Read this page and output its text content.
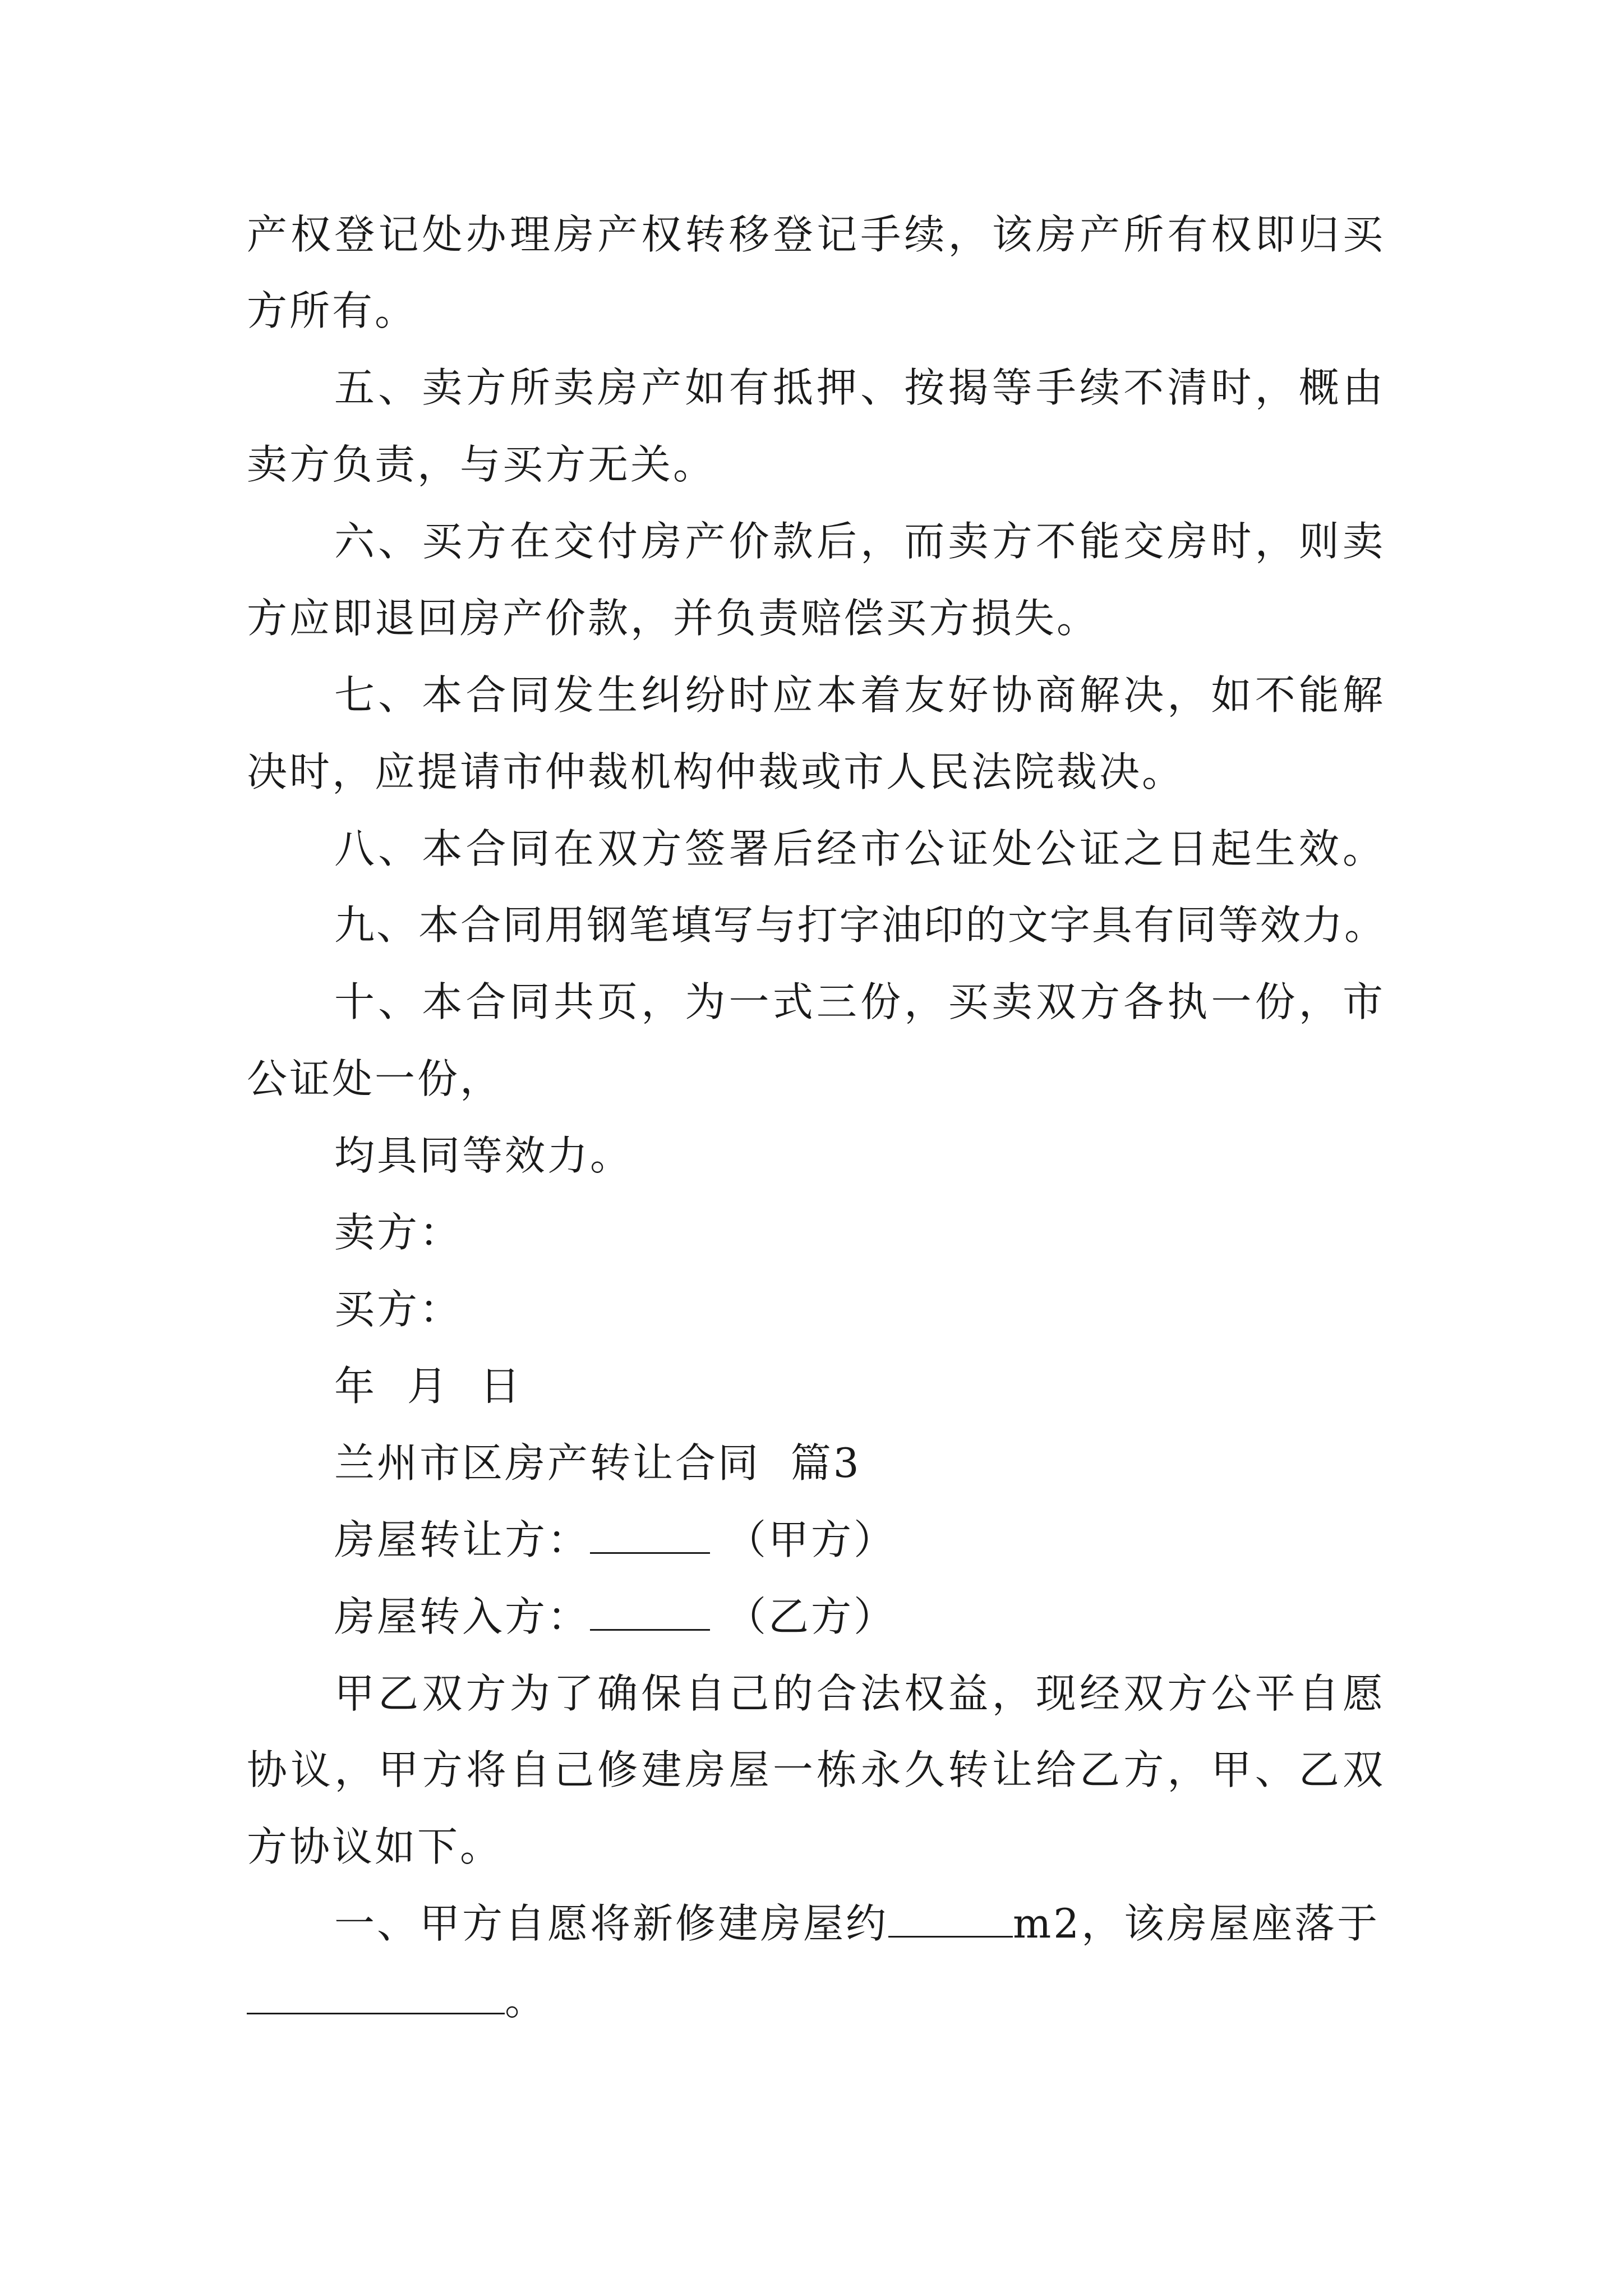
产权登记处办理房产权转移登记手续，该房产所有权即归买
方所有。
五、卖方所卖房产如有抵押、按揭等手续不清时，概由
卖方负责，与买方无关。
六、买方在交付房产价款后，而卖方不能交房时，则卖
方应即退回房产价款，并负责赔偿买方损失。
七、本合同发生纠纷时应本着友好协商解决，如不能解
决时，应提请市仲裁机构仲裁或市人民法院裁决。
八、本合同在双方签署后经市公证处公证之日起生效。
九、本合同用钢笔填写与打字油印的文字具有同等效力。
十、本合同共页，为一式三份，买卖双方各执一份，市
公证处一份，
均具同等效力。
卖方：
买方：
年  月  日
兰州市区房产转让合同  篇3
房屋转让方：	（甲方）
房屋转入方：	（乙方）
甲乙双方为了确保自己的合法权益，现经双方公平自愿
协议，甲方将自己修建房屋一栋永久转让给乙方，甲、乙双
方协议如下。
一、甲方自愿将新修建房屋约	m2，该房屋座落于
。
